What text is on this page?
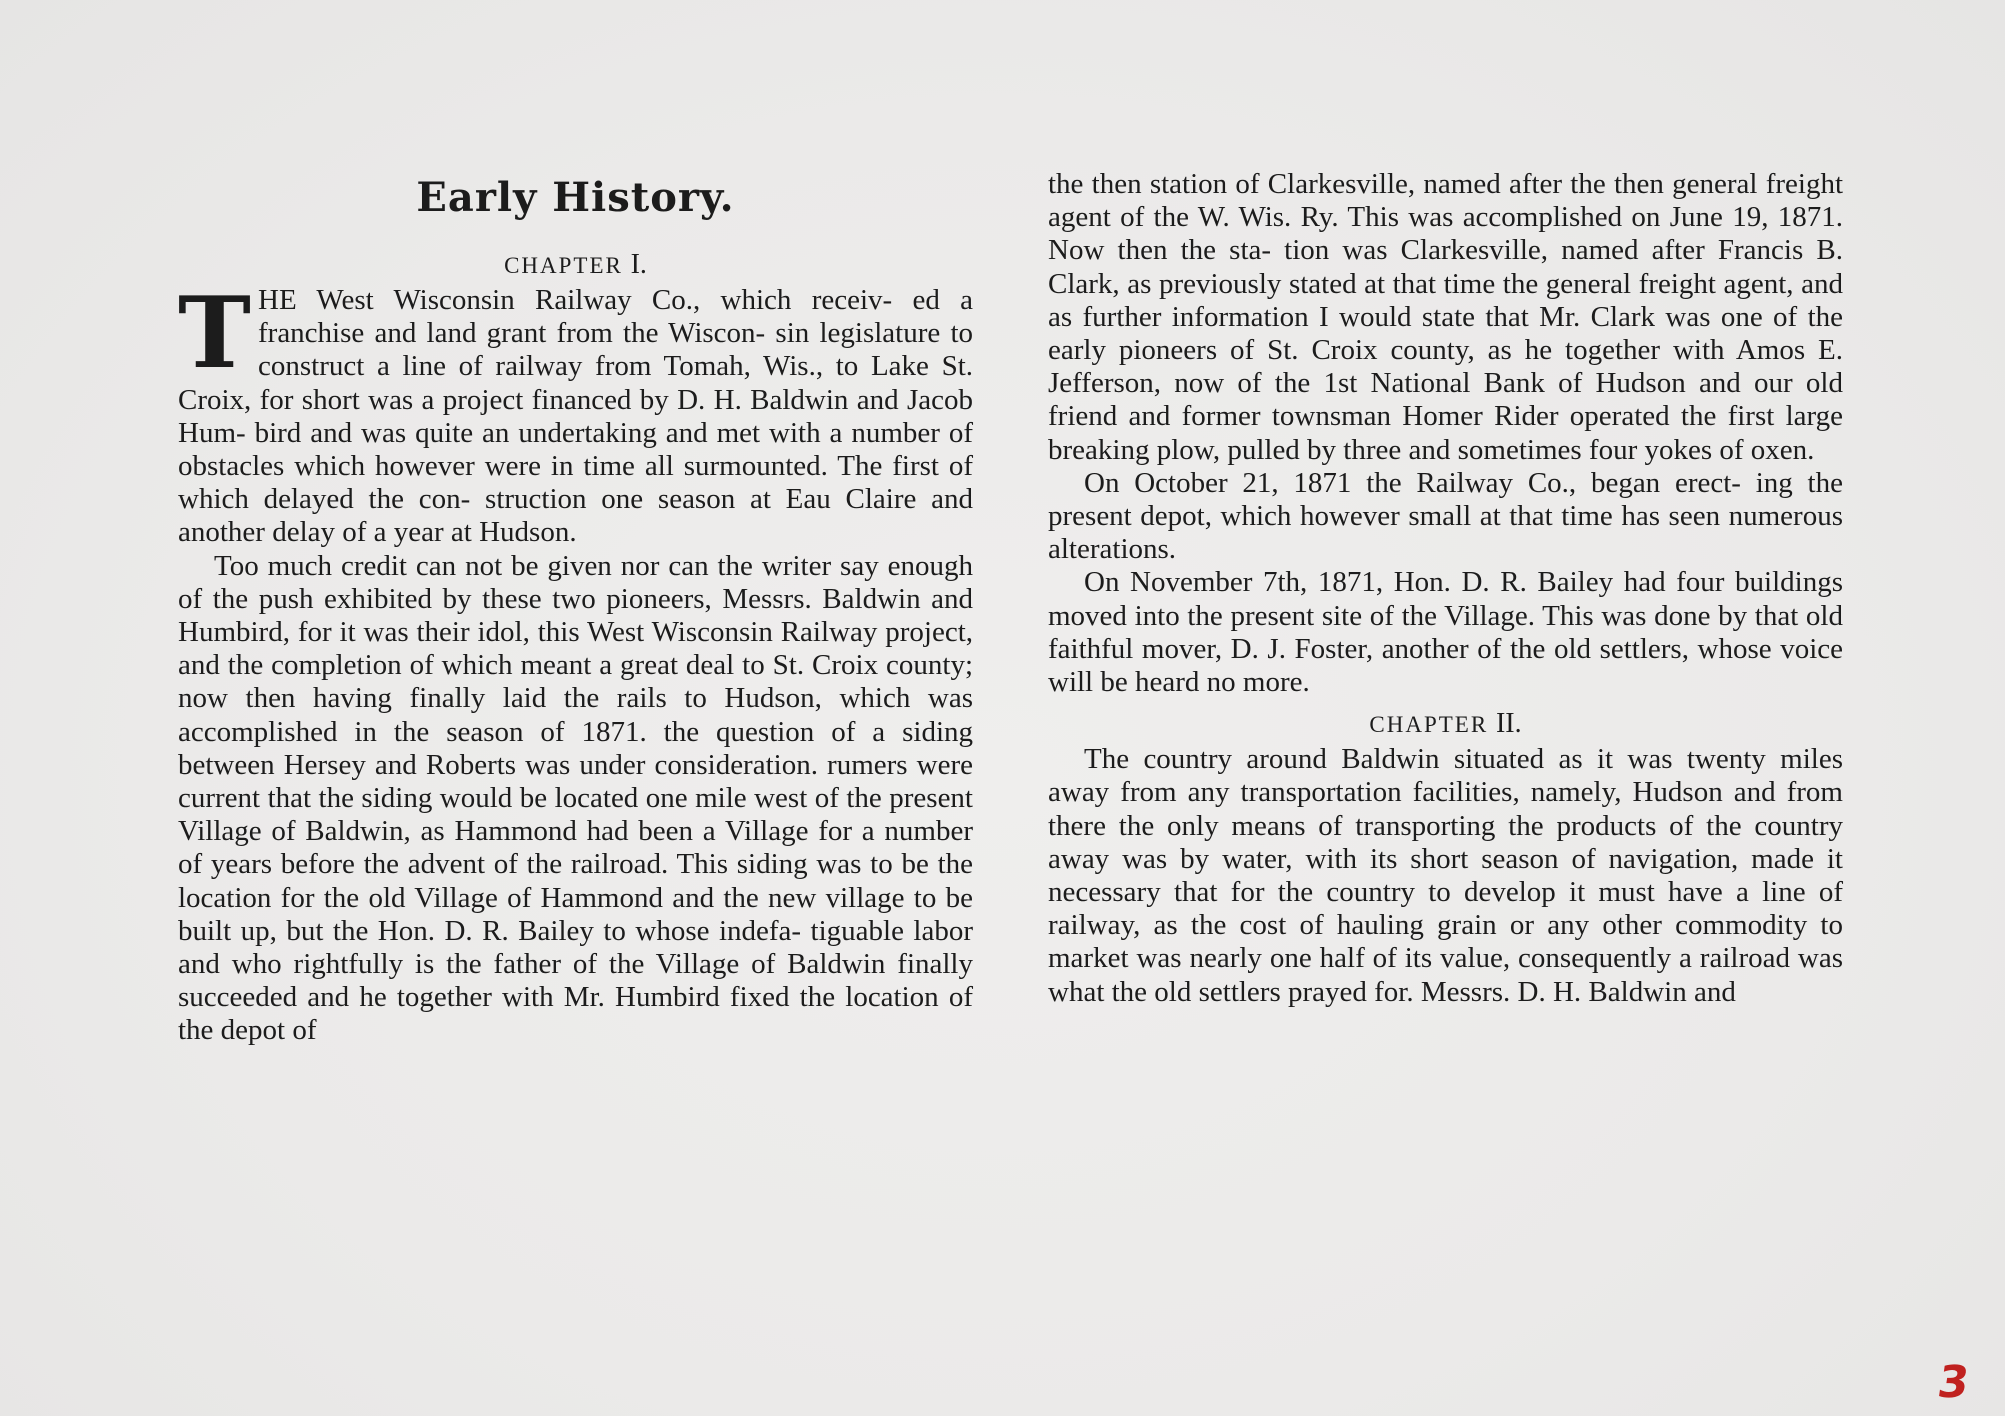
Early History.
CHAPTER I.

THE West Wisconsin Railway Co., which receiv- ed a franchise and land grant from the Wiscon- sin legislature to construct a line of railway from Tomah, Wis., to Lake St. Croix, for short was a project financed by D. H. Baldwin and Jacob Hum- bird and was quite an undertaking and met with a number of obstacles which however were in time all surmounted. The first of which delayed the con- struction one season at Eau Claire and another delay of a year at Hudson.

Too much credit can not be given nor can the writer say enough of the push exhibited by these two pioneers, Messrs. Baldwin and Humbird, for it was their idol, this West Wisconsin Railway project, and the completion of which meant a great deal to St. Croix county; now then having finally laid the rails to Hudson, which was accomplished in the season of 1871. the question of a siding between Hersey and Roberts was under consideration. rumers were current that the siding would be located one mile west of the present Village of Baldwin, as Hammond had been a Village for a number of years before the advent of the railroad. This siding was to be the location for the old Village of Hammond and the new village to be built up, but the Hon. D. R. Bailey to whose indefa- tiguable labor and who rightfully is the father of the Village of Baldwin finally succeeded and he together with Mr. Humbird fixed the location of the depot of

the then station of Clarkesville, named after the then general freight agent of the W. Wis. Ry. This was accomplished on June 19, 1871. Now then the sta- tion was Clarkesville, named after Francis B. Clark, as previously stated at that time the general freight agent, and as further information I would state that Mr. Clark was one of the early pioneers of St. Croix county, as he together with Amos E. Jefferson, now of the 1st National Bank of Hudson and our old friend and former townsman Homer Rider operated the first large breaking plow, pulled by three and sometimes four yokes of oxen.

On October 21, 1871 the Railway Co., began erect- ing the present depot, which however small at that time has seen numerous alterations.

On November 7th, 1871, Hon. D. R. Bailey had four buildings moved into the present site of the Village. This was done by that old faithful mover, D. J. Foster, another of the old settlers, whose voice will be heard no more.

CHAPTER II.

The country around Baldwin situated as it was twenty miles away from any transportation facilities, namely, Hudson and from there the only means of transporting the products of the country away was by water, with its short season of navigation, made it necessary that for the country to develop it must have a line of railway, as the cost of hauling grain or any other commodity to market was nearly one half of its value, consequently a railroad was what the old settlers prayed for. Messrs. D. H. Baldwin and

3
